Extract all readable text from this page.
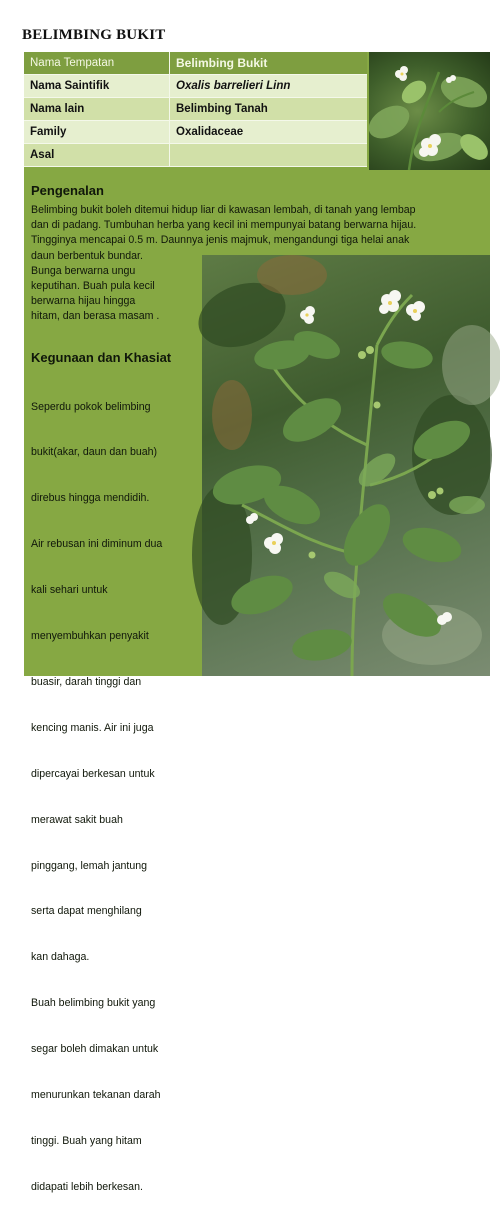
BELIMBING BUKIT
Nama Tempatan	Belimbing Bukit
Nama Saintifik	Oxalis barrelieri Linn
Nama lain	Belimbing Tanah
Family	Oxalidaceae
Asal
Pengenalan

Belimbing bukit boleh ditemui hidup liar di kawasan lembah, di tanah yang lembap

dan di padang. Tumbuhan herba yang kecil ini mempunyai batang berwarna hijau.

Tingginya mencapai 0.5 m. Daunnya jenis majmuk, mengandungi tiga helai anak

daun berbentuk bundar.

Bunga berwarna ungu

keputihan. Buah pula kecil

berwarna hijau hingga

hitam, dan berasa masam .

Kegunaan dan Khasiat

Seperdu pokok belimbing

bukit(akar, daun dan buah)

direbus hingga mendidih.

Air rebusan ini diminum dua

kali sehari untuk

menyembuhkan penyakit

buasir, darah tinggi dan

kencing manis. Air ini juga

dipercayai berkesan untuk

merawat sakit buah

pinggang, lemah jantung

serta dapat menghilang

kan dahaga.

Buah belimbing bukit yang

segar boleh dimakan untuk

menurunkan tekanan darah

tinggi. Buah yang hitam

didapati lebih berkesan.
